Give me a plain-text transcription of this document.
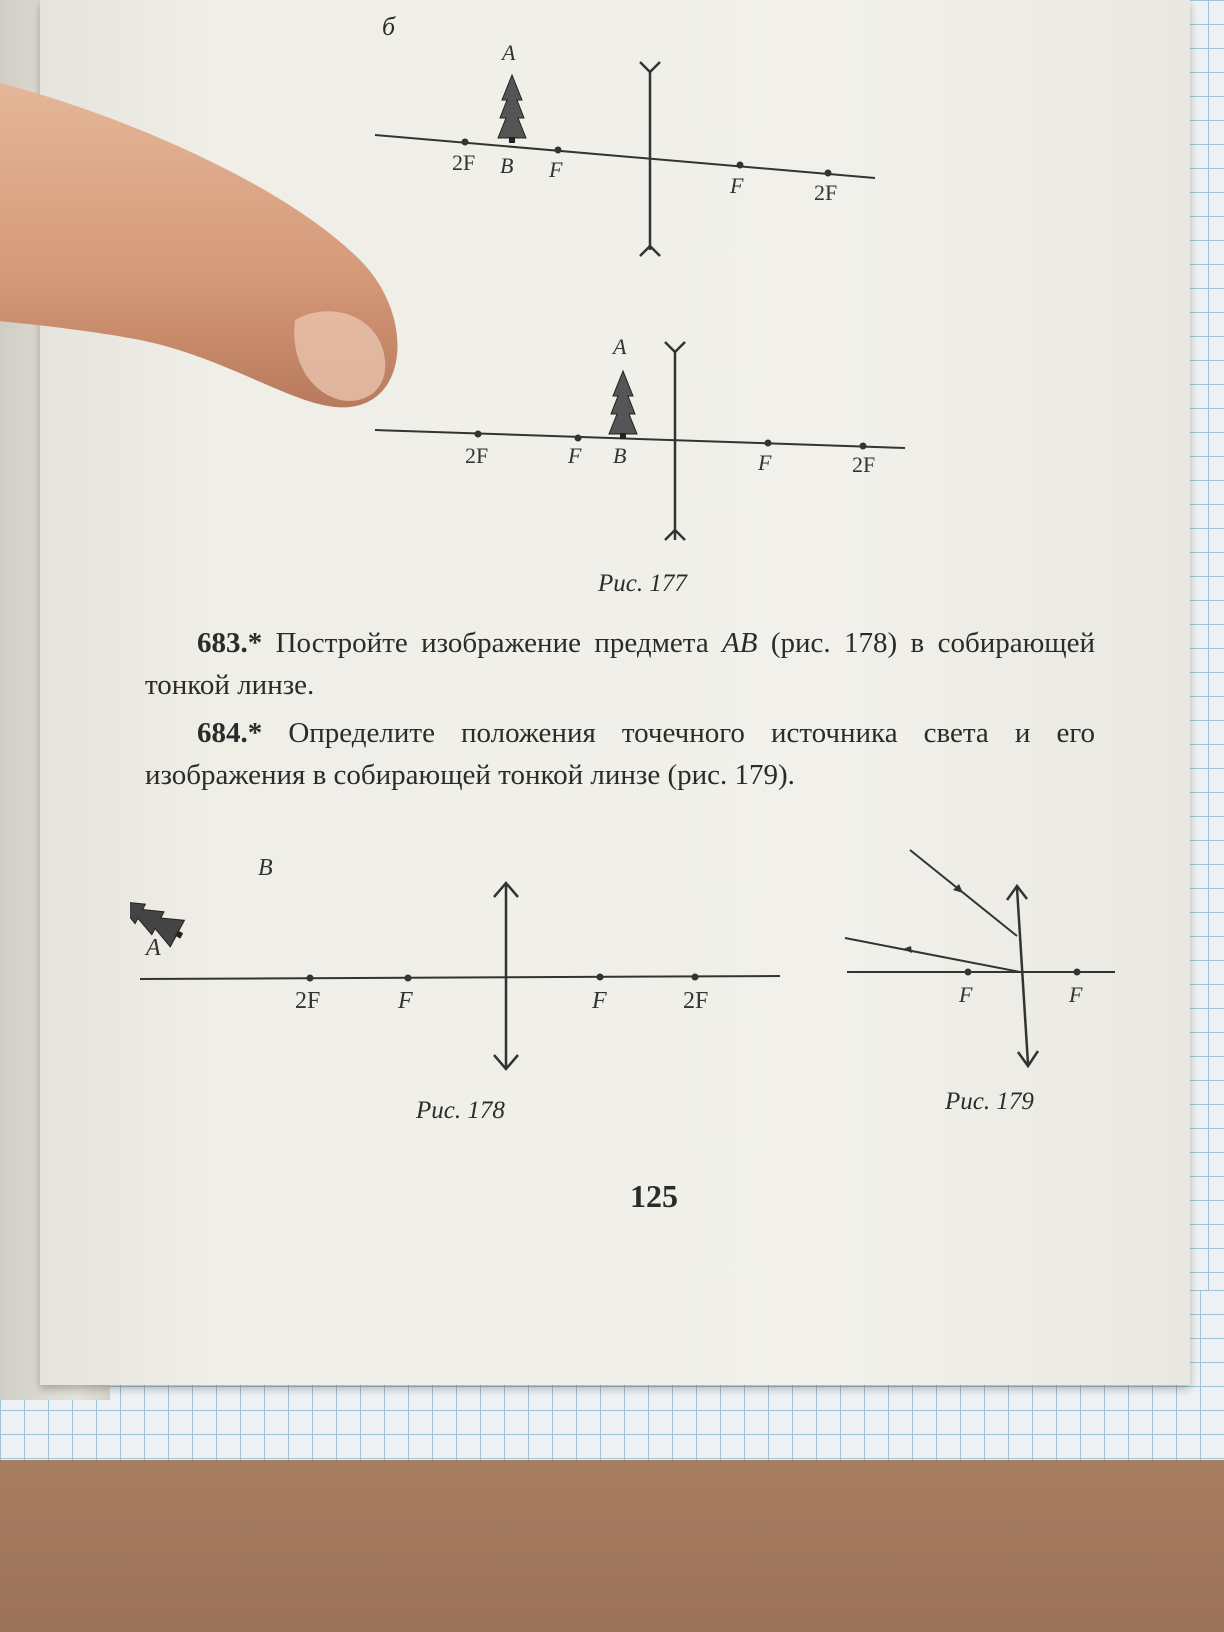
б
A
B
2F	F
F	2F
A
B
2F	F	F	2F
Рис. 177
683.* Постройте изображение предмета AB (рис. 178) в собирающей тонкой линзе.
684.* Определите положения точечного источника света и его изображения в собирающей тонкой линзе (рис. 179).
A
B
2F	F	F	2F
Рис. 178
F	F
Рис. 179
125
